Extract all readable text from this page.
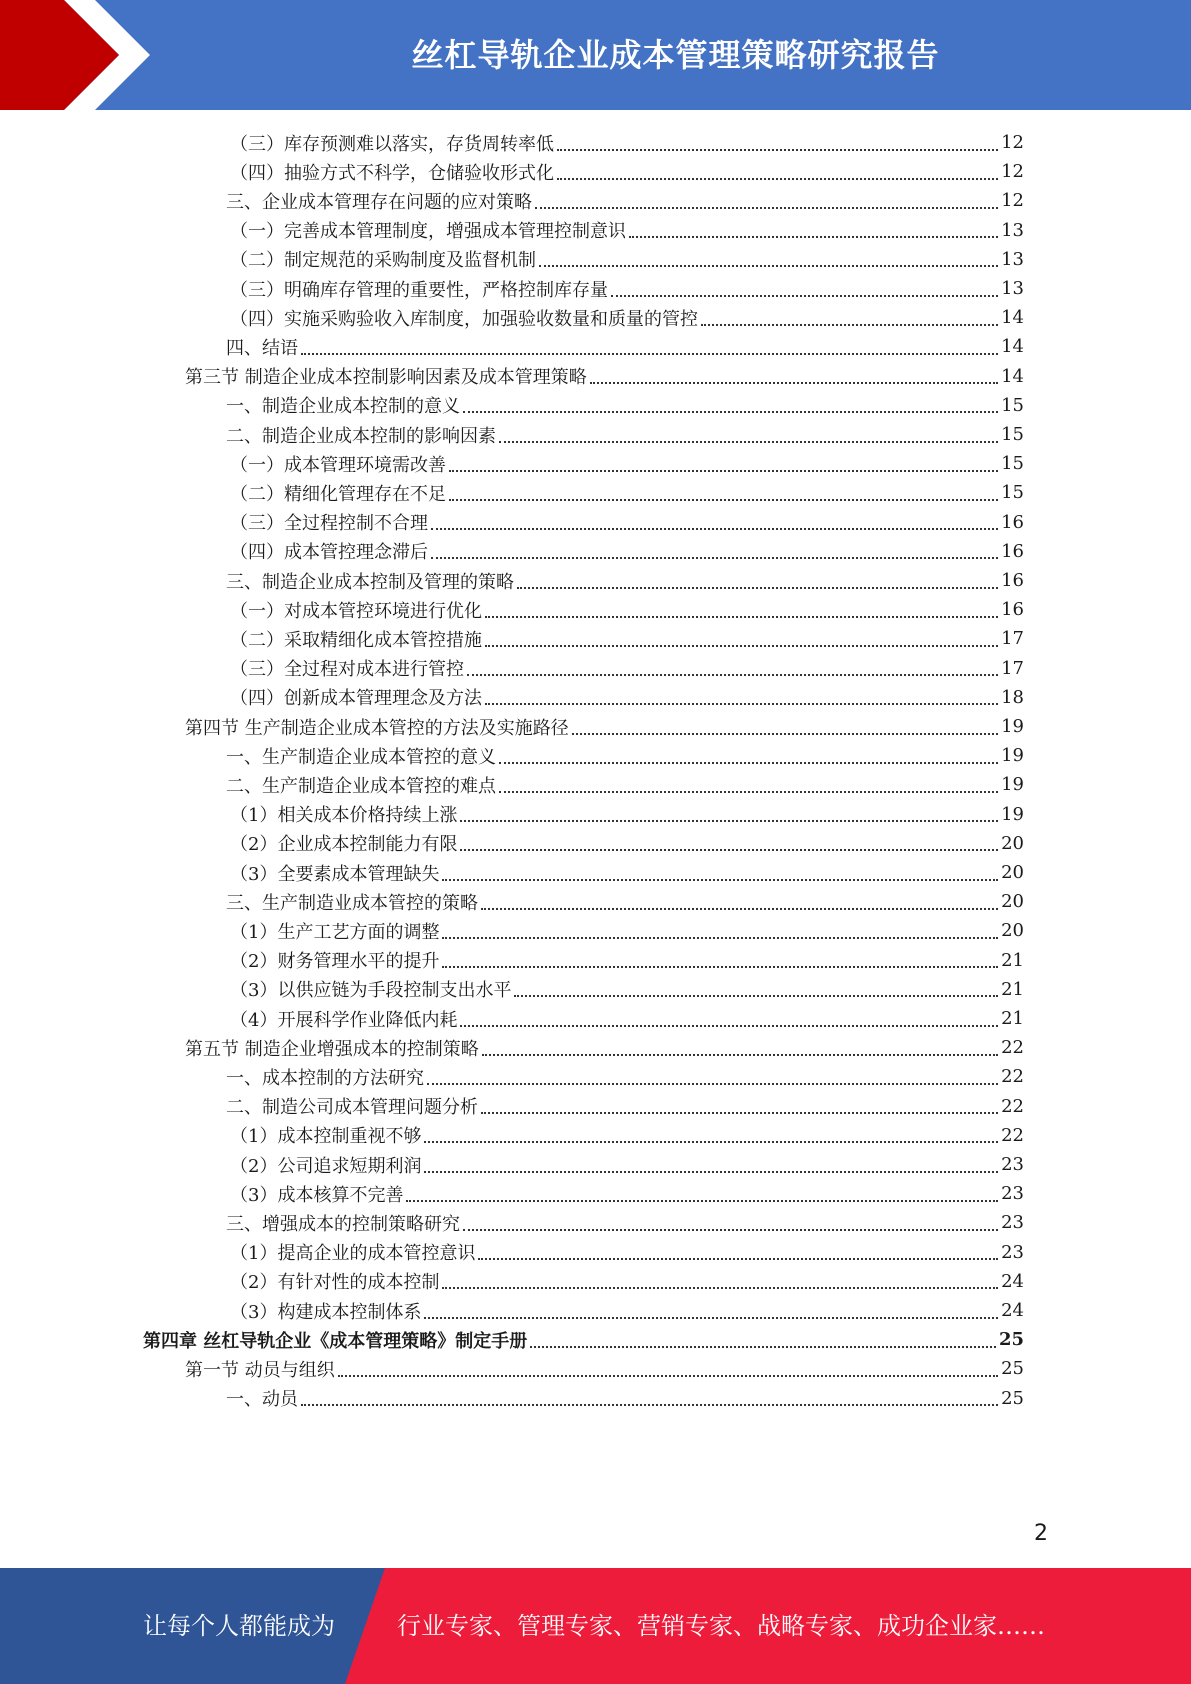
丝杠导轨企业成本管理策略研究报告
（三）库存预测难以落实，存货周转率低	12
（四）抽验方式不科学，仓储验收形式化	12
三、企业成本管理存在问题的应对策略	12
（一）完善成本管理制度，增强成本管理控制意识	13
（二）制定规范的采购制度及监督机制	13
（三）明确库存管理的重要性，严格控制库存量	13
（四）实施采购验收入库制度，加强验收数量和质量的管控	14
四、结语	14
第三节 制造企业成本控制影响因素及成本管理策略	14
一、制造企业成本控制的意义	15
二、制造企业成本控制的影响因素	15
（一）成本管理环境需改善	15
（二）精细化管理存在不足	15
（三）全过程控制不合理	16
（四）成本管控理念滞后	16
三、制造企业成本控制及管理的策略	16
（一）对成本管控环境进行优化	16
（二）采取精细化成本管控措施	17
（三）全过程对成本进行管控	17
（四）创新成本管理理念及方法	18
第四节 生产制造企业成本管控的方法及实施路径	19
一、生产制造企业成本管控的意义	19
二、生产制造企业成本管控的难点	19
（1）相关成本价格持续上涨	19
（2）企业成本控制能力有限	20
（3）全要素成本管理缺失	20
三、生产制造业成本管控的策略	20
（1）生产工艺方面的调整	20
（2）财务管理水平的提升	21
（3）以供应链为手段控制支出水平	21
（4）开展科学作业降低内耗	21
第五节 制造企业增强成本的控制策略	22
一、成本控制的方法研究	22
二、制造公司成本管理问题分析	22
（1）成本控制重视不够	22
（2）公司追求短期利润	23
（3）成本核算不完善	23
三、增强成本的控制策略研究	23
（1）提高企业的成本管控意识	23
（2）有针对性的成本控制	24
（3）构建成本控制体系	24
第四章 丝杠导轨企业《成本管理策略》制定手册	25
第一节 动员与组织	25
一、动员	25
2
让每个人都能成为	行业专家、管理专家、营销专家、战略专家、成功企业家……
